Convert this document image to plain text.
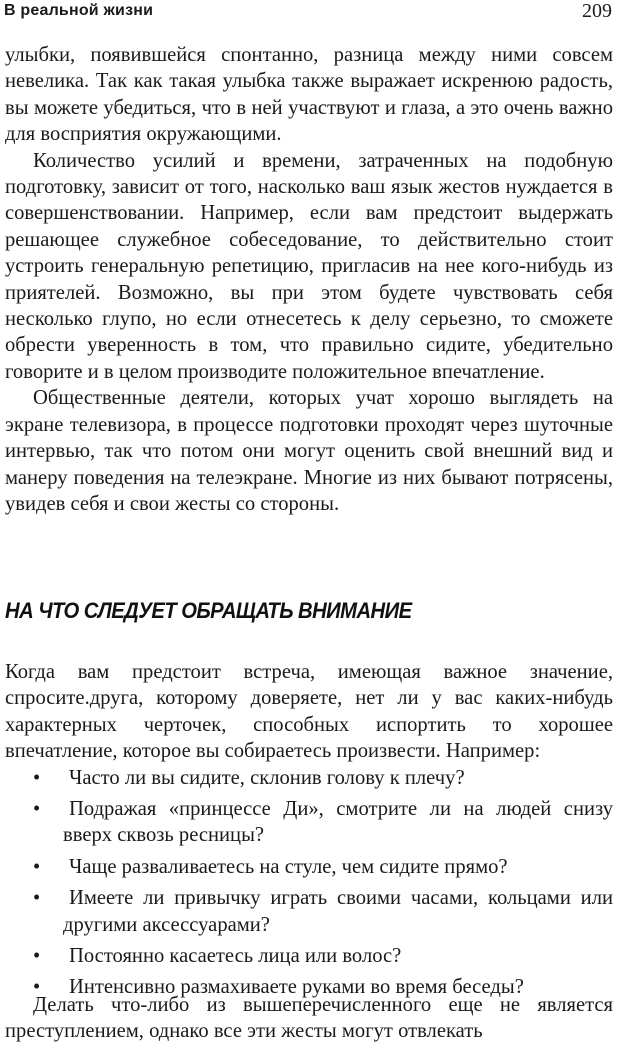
В реальной жизни	209

улыбки, появившейся спонтанно, разница между ними совсем невелика. Так как такая улыбка также выражает искренюю радость, вы можете убедиться, что в ней участвуют и глаза, а это очень важно для восприятия окружающими.

Количество усилий и времени, затраченных на подобную подготовку, зависит от того, насколько ваш язык жестов нуждается в совершенствовании. Например, если вам предстоит выдержать решающее служебное собеседование, то действительно стоит устроить генеральную репетицию, пригласив на нее кого-нибудь из приятелей. Возможно, вы при этом будете чувствовать себя несколько глупо, но если отнесетесь к делу серьезно, то сможете обрести уверенность в том, что правильно сидите, убедительно говорите и в целом производите положительное впечатление.

Общественные деятели, которых учат хорошо выглядеть на экране телевизора, в процессе подготовки проходят через шуточные интервью, так что потом они могут оценить свой внешний вид и манеру поведения на телеэкране. Многие из них бывают потрясены, увидев себя и свои жесты со стороны.

НА ЧТО СЛЕДУЕТ ОБРАЩАТЬ ВНИМАНИЕ

Когда вам предстоит встреча, имеющая важное значение, спросите.друга, которому доверяете, нет ли у вас каких-нибудь характерных черточек, способных испортить то хорошее впечатление, которое вы собираетесь произвести. Например:

• Часто ли вы сидите, склонив голову к плечу?
• Подражая «принцессе Ди», смотрите ли на людей снизу вверх сквозь ресницы?
• Чаще разваливаетесь на стуле, чем сидите прямо?
• Имеете ли привычку играть своими часами, кольцами или другими аксессуарами?
• Постоянно касаетесь лица или волос?
• Интенсивно размахиваете руками во время беседы?

Делать что-либо из вышеперечисленного еще не является преступлением, однако все эти жесты могут отвлекать
